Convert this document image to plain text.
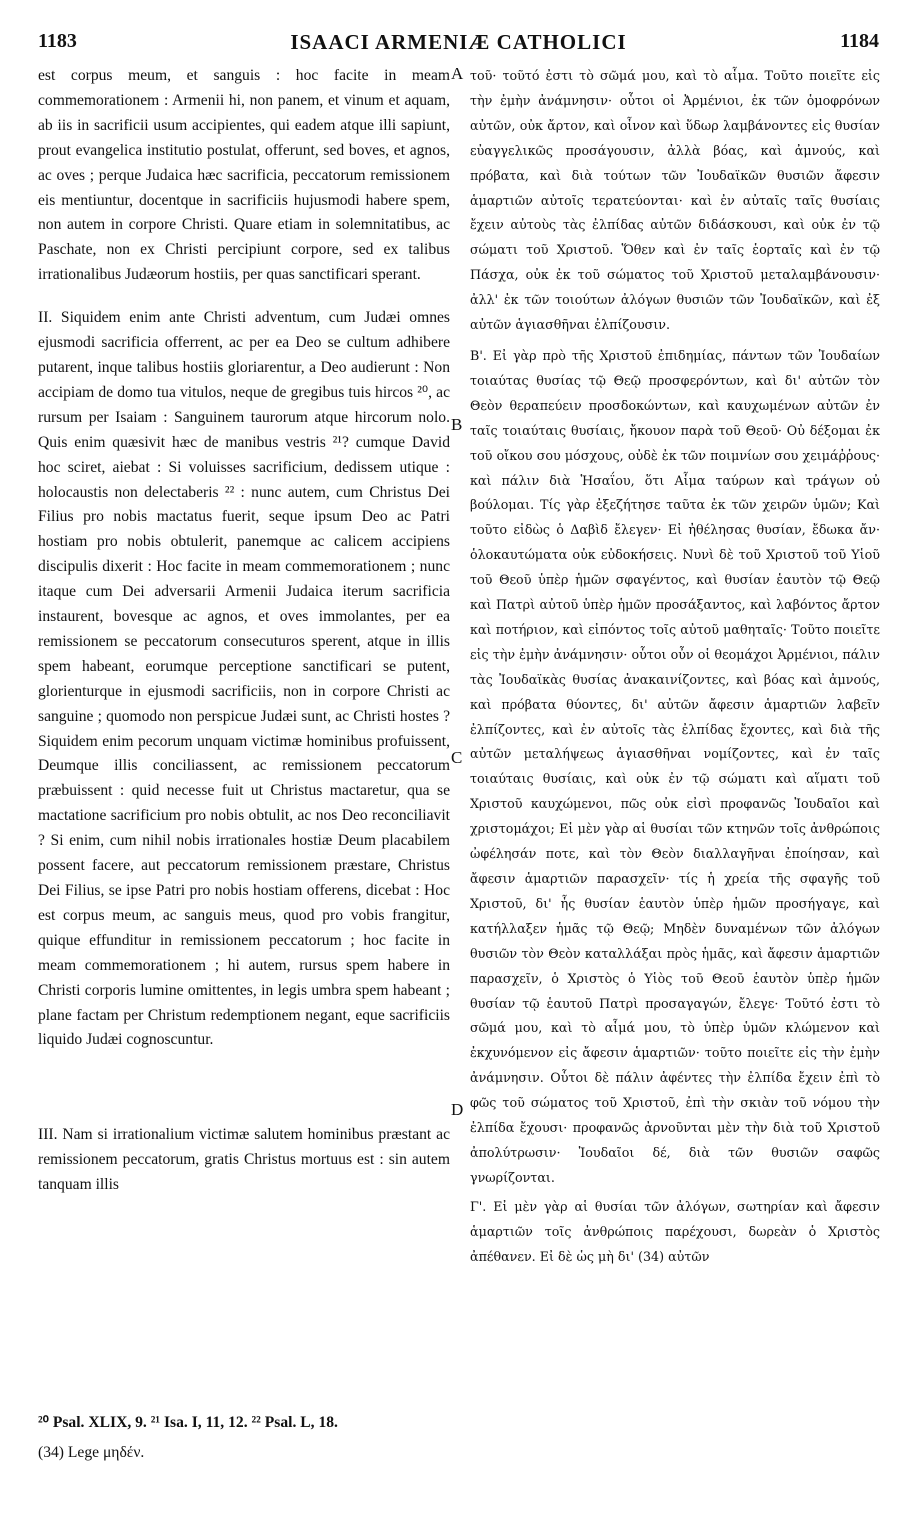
1183	ISAACI ARMENIÆ CATHOLICI	1184

est corpus meum, et sanguis : hoc facite in meam commemorationem : Armenii hi, non panem, et vinum et aquam, ab iis in sacrificii usum accipientes, qui eadem atque illi sapiunt, prout evangelica institutio postulat, offerunt, sed boves, et agnos, ac oves ; perque Judaica hæc sacrificia, peccatorum remissionem eis mentiuntur, docentque in sacrificiis hujusmodi habere spem, non autem in corpore Christi. Quare etiam in solemnitatibus, ac Paschate, non ex Christi percipiunt corpore, sed ex talibus irrationalibus Judæorum hostiis, per quas sanctificari sperant.

II. Siquidem enim ante Christi adventum, cum Judæi omnes ejusmodi sacrificia offerrent, ac per ea Deo se cultum adhibere putarent, inque talibus hostiis gloriarentur, a Deo audierunt : Non accipiam de domo tua vitulos, neque de gregibus tuis hircos ²⁰, ac rursum per Isaiam : Sanguinem taurorum atque hircorum nolo. Quis enim quæsivit hæc de manibus vestris ²¹? cumque David hoc sciret, aiebat : Si voluisses sacrificium, dedissem utique : holocaustis non delectaberis ²² : nunc autem, cum Christus Dei Filius pro nobis mactatus fuerit, seque ipsum Deo ac Patri hostiam pro nobis obtulerit, panemque ac calicem accipiens discipulis dixerit : Hoc facite in meam commemorationem ; nunc itaque cum Dei adversarii Armenii Judaica iterum sacrificia instaurent, bovesque ac agnos, et oves immolantes, per ea remissionem se peccatorum consecuturos sperent, atque in illis spem habeant, eorumque perceptione sanctificari se putent, glorienturque in ejusmodi sacrificiis, non in corpore Christi ac sanguine ; quomodo non perspicue Judæi sunt, ac Christi hostes ? Siquidem enim pecorum unquam victimæ hominibus profuissent, Deumque illis conciliassent, ac remissionem peccatorum præbuissent : quid necesse fuit ut Christus mactaretur, qua se mactatione sacrificium pro nobis obtulit, ac nos Deo reconciliavit ? Si enim, cum nihil nobis irrationales hostiæ Deum placabilem possent facere, aut peccatorum remissionem præstare, Christus Dei Filius, se ipse Patri pro nobis hostiam offerens, dicebat : Hoc est corpus meum, ac sanguis meus, quod pro vobis frangitur, quique effunditur in remissionem peccatorum ; hoc facite in meam commemorationem ; hi autem, rursus spem habere in Christi corporis lumine omittentes, in legis umbra spem habeant ; plane factam per Christum redemptionem negant, eque sacrificiis liquido Judæi cognoscuntur.

III. Nam si irrationalium victimæ salutem hominibus præstant ac remissionem peccatorum, gratis Christus mortuus est : sin autem tanquam illis

A
B
C
D

τοῦ· τοῦτό ἐστι τὸ σῶμά μου, καὶ τὸ αἷμα. Τοῦτο ποιεῖτε εἰς τὴν ἐμὴν ἀνάμνησιν· οὗτοι οἱ Ἀρμένιοι, ἐκ τῶν ὁμοφρόνων αὐτῶν, οὐκ ἄρτον, καὶ οἶνον καὶ ὕδωρ λαμβάνοντες εἰς θυσίαν εὐαγγελικῶς προσάγουσιν, ἀλλὰ βόας, καὶ ἀμνούς, καὶ πρόβατα, καὶ διὰ τούτων τῶν Ἰουδαϊκῶν θυσιῶν ἄφεσιν ἁμαρτιῶν αὐτοῖς τερατεύονται· καὶ ἐν αὐταῖς ταῖς θυσίαις ἔχειν αὐτοὺς τὰς ἐλπίδας αὐτῶν διδάσκουσι, καὶ οὐκ ἐν τῷ σώματι τοῦ Χριστοῦ. Ὅθεν καὶ ἐν ταῖς ἑορταῖς καὶ ἐν τῷ Πάσχα, οὐκ ἐκ τοῦ σώματος τοῦ Χριστοῦ μεταλαμβάνουσιν· ἀλλ' ἐκ τῶν τοιούτων ἀλόγων θυσιῶν τῶν Ἰουδαϊκῶν, καὶ ἐξ αὐτῶν ἁγιασθῆναι ἐλπίζουσιν.

Β'. Εἰ γὰρ πρὸ τῆς Χριστοῦ ἐπιδημίας, πάντων τῶν Ἰουδαίων τοιαύτας θυσίας τῷ Θεῷ προσφερόντων, καὶ δι' αὐτῶν τὸν Θεὸν θεραπεύειν προσδοκώντων, καὶ καυχωμένων αὐτῶν ἐν ταῖς τοιαύταις θυσίαις, ἤκουον παρὰ τοῦ Θεοῦ· Οὐ δέξομαι ἐκ τοῦ οἴκου σου μόσχους, οὐδὲ ἐκ τῶν ποιμνίων σου χειμάῤῥους· καὶ πάλιν διὰ Ἡσαΐου, ὅτι Αἷμα ταύρων καὶ τράγων οὐ βούλομαι. Τίς γὰρ ἐξεζήτησε ταῦτα ἐκ τῶν χειρῶν ὑμῶν; Καὶ τοῦτο εἰδὼς ὁ Δαβὶδ ἔλεγεν· Εἰ ἠθέλησας θυσίαν, ἔδωκα ἄν· ὁλοκαυτώματα οὐκ εὐδοκήσεις. Νυνὶ δὲ τοῦ Χριστοῦ τοῦ Υἱοῦ τοῦ Θεοῦ ὑπὲρ ἡμῶν σφαγέντος, καὶ θυσίαν ἑαυτὸν τῷ Θεῷ καὶ Πατρὶ αὐτοῦ ὑπὲρ ἡμῶν προσάξαντος, καὶ λαβόντος ἄρτον καὶ ποτήριον, καὶ εἰπόντος τοῖς αὐτοῦ μαθηταῖς· Τοῦτο ποιεῖτε εἰς τὴν ἐμὴν ἀνάμνησιν· οὗτοι οὖν οἱ θεομάχοι Ἀρμένιοι, πάλιν τὰς Ἰουδαϊκὰς θυσίας ἀνακαινίζοντες, καὶ βόας καὶ ἀμνούς, καὶ πρόβατα θύοντες, δι' αὐτῶν ἄφεσιν ἁμαρτιῶν λαβεῖν ἐλπίζοντες, καὶ ἐν αὐτοῖς τὰς ἐλπίδας ἔχοντες, καὶ διὰ τῆς αὐτῶν μεταλήψεως ἁγιασθῆναι νομίζοντες, καὶ ἐν ταῖς τοιαύταις θυσίαις, καὶ οὐκ ἐν τῷ σώματι καὶ αἵματι τοῦ Χριστοῦ καυχώμενοι, πῶς οὐκ εἰσὶ προφανῶς Ἰουδαῖοι καὶ χριστομάχοι; Εἰ μὲν γὰρ αἱ θυσίαι τῶν κτηνῶν τοῖς ἀνθρώποις ὠφέλησάν ποτε, καὶ τὸν Θεὸν διαλλαγῆναι ἐποίησαν, καὶ ἄφεσιν ἁμαρτιῶν παρασχεῖν· τίς ἡ χρεία τῆς σφαγῆς τοῦ Χριστοῦ, δι' ἧς θυσίαν ἑαυτὸν ὑπὲρ ἡμῶν προσήγαγε, καὶ κατήλλαξεν ἡμᾶς τῷ Θεῷ; Μηδὲν δυναμένων τῶν ἀλόγων θυσιῶν τὸν Θεὸν καταλλάξαι πρὸς ἡμᾶς, καὶ ἄφεσιν ἁμαρτιῶν παρασχεῖν, ὁ Χριστὸς ὁ Υἱὸς τοῦ Θεοῦ ἑαυτὸν ὑπὲρ ἡμῶν θυσίαν τῷ ἑαυτοῦ Πατρὶ προσαγαγών, ἔλεγε· Τοῦτό ἐστι τὸ σῶμά μου, καὶ τὸ αἷμά μου, τὸ ὑπὲρ ὑμῶν κλώμενον καὶ ἐκχυνόμενον εἰς ἄφεσιν ἁμαρτιῶν· τοῦτο ποιεῖτε εἰς τὴν ἐμὴν ἀνάμνησιν. Οὗτοι δὲ πάλιν ἀφέντες τὴν ἐλπίδα ἔχειν ἐπὶ τὸ φῶς τοῦ σώματος τοῦ Χριστοῦ, ἐπὶ τὴν σκιὰν τοῦ νόμου τὴν ἐλπίδα ἔχουσι· προφανῶς ἀρνοῦνται μὲν τὴν διὰ τοῦ Χριστοῦ ἀπολύτρωσιν· Ἰουδαῖοι δέ, διὰ τῶν θυσιῶν σαφῶς γνωρίζονται.

Γ'. Εἰ μὲν γὰρ αἱ θυσίαι τῶν ἀλόγων, σωτηρίαν καὶ ἄφεσιν ἁμαρτιῶν τοῖς ἀνθρώποις παρέχουσι, δωρεὰν ὁ Χριστὸς ἀπέθανεν. Εἰ δὲ ὡς μὴ δι' (34) αὐτῶν

²⁰ Psal. XLIX, 9. ²¹ Isa. I, 11, 12. ²² Psal. L, 18.

(34) Lege μηδέν.
